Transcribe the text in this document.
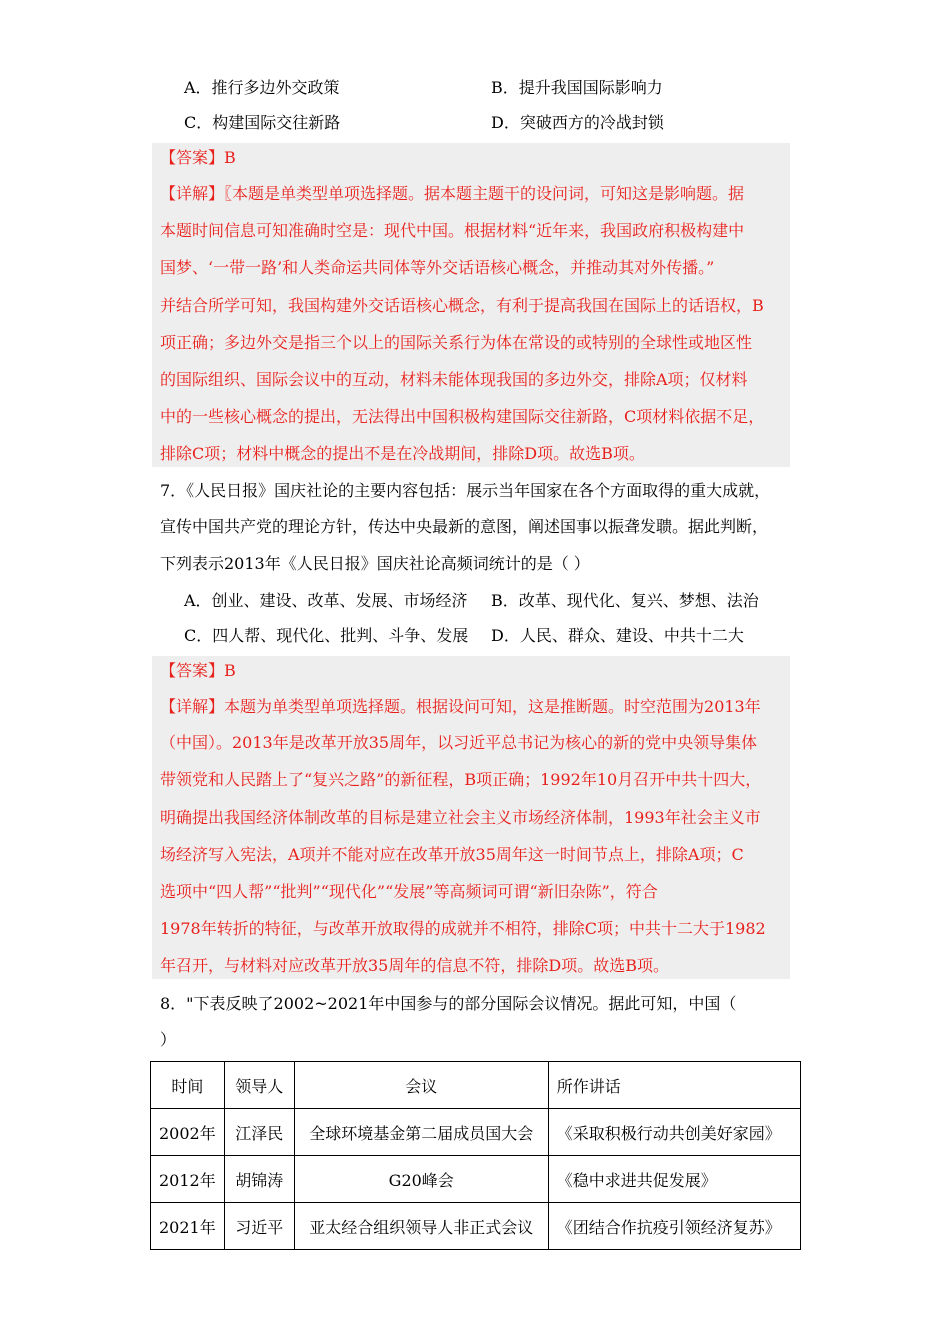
A．推行多边外交政策	B．提升我国国际影响力
C．构建国际交往新路	D．突破西方的冷战封锁
【答案】B
【详解】〖本题是单类型单项选择题。据本题主题干的设问词，可知这是影响题。据
本题时间信息可知准确时空是：现代中国。根据材料“近年来，我国政府积极构建中
国梦、‘一带一路’和人类命运共同体等外交话语核心概念，并推动其对外传播。”
并结合所学可知，我国构建外交话语核心概念，有利于提高我国在国际上的话语权，B
项正确；多边外交是指三个以上的国际关系行为体在常设的或特别的全球性或地区性
的国际组织、国际会议中的互动，材料未能体现我国的多边外交，排除A项；仅材料
中的一些核心概念的提出，无法得出中国积极构建国际交往新路，C项材料依据不足，
排除C项；材料中概念的提出不是在冷战期间，排除D项。故选B项。
7．《人民日报》国庆社论的主要内容包括：展示当年国家在各个方面取得的重大成就，
宣传中国共产党的理论方针，传达中央最新的意图，阐述国事以振聋发聩。据此判断，
下列表示2013年《人民日报》国庆社论高频词统计的是（ ）
A．创业、建设、改革、发展、市场经济 B．改革、现代化、复兴、梦想、法治
C．四人帮、现代化、批判、斗争、发展 D．人民、群众、建设、中共十二大
【答案】B
【详解】本题为单类型单项选择题。根据设问可知，这是推断题。时空范围为2013年
（中国）。2013年是改革开放35周年，以习近平总书记为核心的新的党中央领导集体
带领党和人民踏上了“复兴之路”的新征程，B项正确；1992年10月召开中共十四大，
明确提出我国经济体制改革的目标是建立社会主义市场经济体制，1993年社会主义市
场经济写入宪法，A项并不能对应在改革开放35周年这一时间节点上，排除A项；C
选项中“四人帮”“批判”“现代化”“发展”等高频词可谓“新旧杂陈”，符合
1978年转折的特征，与改革开放取得的成就并不相符，排除C项；中共十二大于1982
年召开，与材料对应改革开放35周年的信息不符，排除D项。故选B项。
8．"下表反映了2002~2021年中国参与的部分国际会议情况。据此可知，中国（
）
时间	领导人	会议	所作讲话
2002年	江泽民	全球环境基金第二届成员国大会	《采取积极行动共创美好家园》
2012年	胡锦涛	G20峰会	《稳中求进共促发展》
2021年	习近平	亚太经合组织领导人非正式会议	《团结合作抗疫引领经济复苏》
